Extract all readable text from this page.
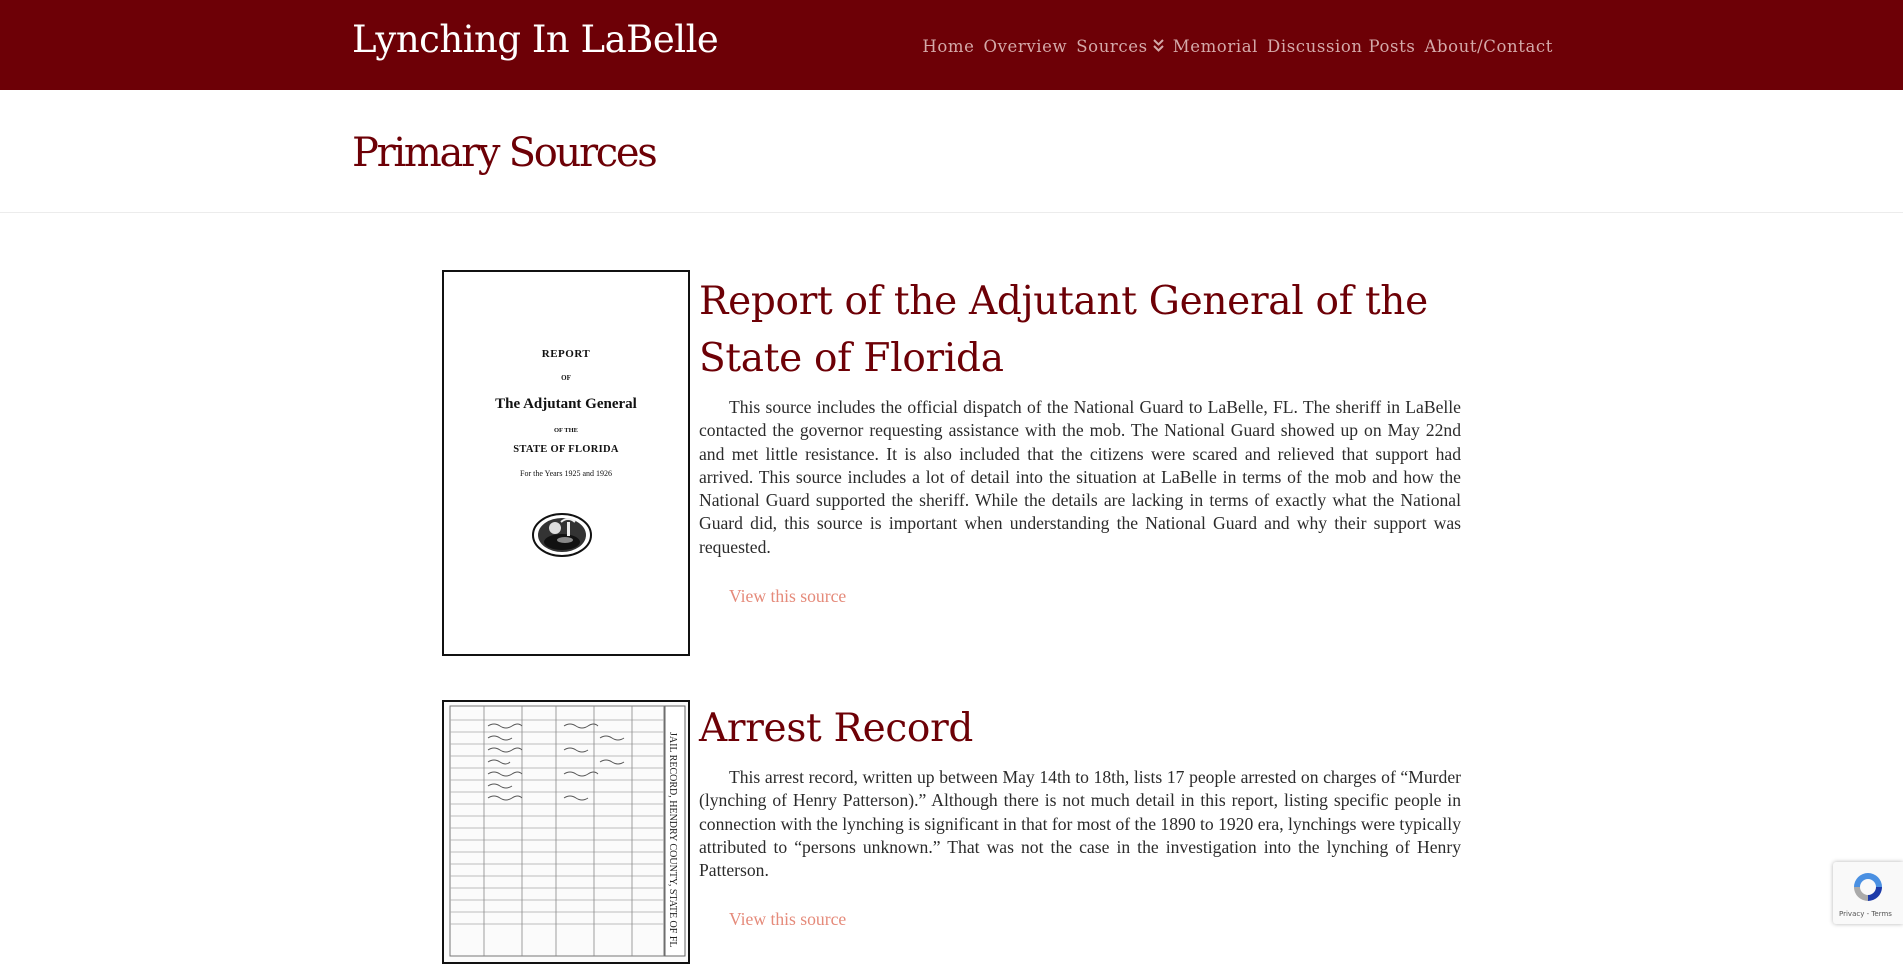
Lynching In LaBelle	Home Overview Sources	Memorial Discussion Posts About/Contact
Primary Sources
REPORT
OF
The Adjutant General
OF THE
STATE OF FLORIDA
For the Years 1925 and 1926
Report of the Adjutant General of the State of Florida

This source includes the official dispatch of the National Guard to LaBelle, FL. The sheriff in LaBelle contacted the governor requesting assistance with the mob. The National Guard showed up on May 22nd and met little resistance. It is also included that the citizens were scared and relieved that support had arrived. This source includes a lot of detail into the situation at LaBelle in terms of the mob and how the National Guard supported the sheriff. While the details are lacking in terms of exactly what the National Guard did, this source is important when understanding the National Guard and why their support was requested.

View this source
JAIL RECORD, HENDRY COUNTY, STATE OF FL
Arrest Record

This arrest record, written up between May 14th to 18th, lists 17 people arrested on charges of “Murder (lynching of Henry Patterson).” Although there is not much detail in this report, listing specific people in connection with the lynching is significant in that for most of the 1890 to 1920 era, lynchings were typically attributed to “persons unknown.” That was not the case in the investigation into the lynching of Henry Patterson.

View this source	Privacy - Terms
